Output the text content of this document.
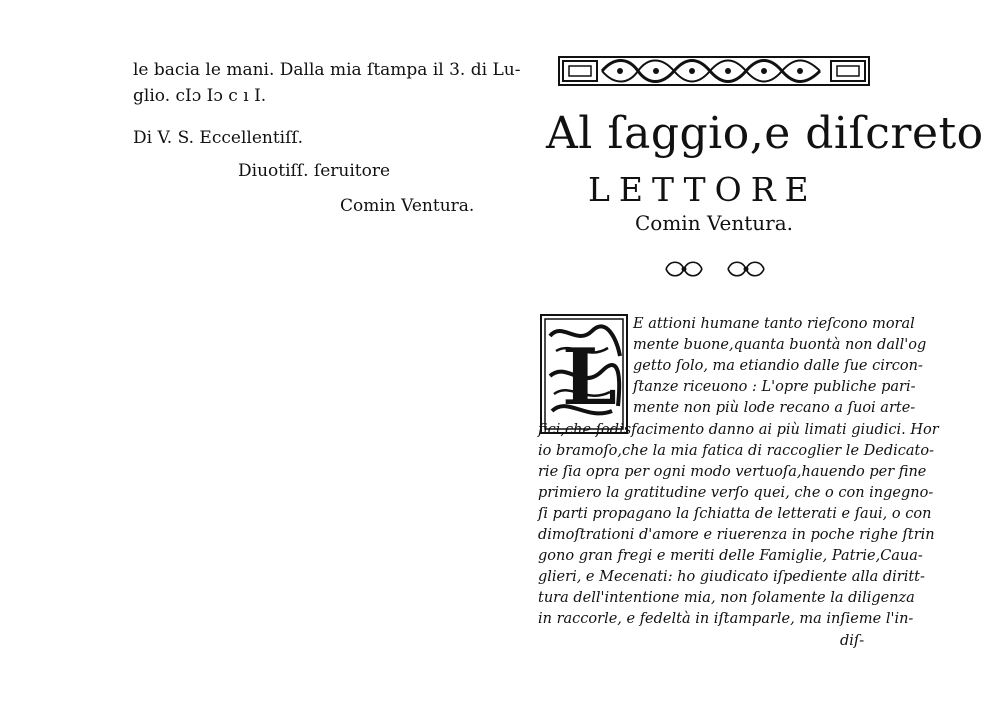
le bacia le mani. Dalla mia ſtampa il 3. di Lu-
glio. cIɔ Iɔ c ı I.
Di V. S. Eccellentiſſ.
Diuotiſſ. ſeruitore
Comin Ventura.
Al ſaggio,e diſcreto
LETTORE
Comin Ventura.
L
E attioni humane tanto rieſcono moral
mente buone,quanta buontà non dall'og
getto ſolo, ma etiandio dalle ſue circon-
ſtanze riceuono : L'opre publiche pari-
mente non più lode recano a ſuoi arte-
fici,che ſodisfacimento danno ai più limati giudici. Hor
io bramoſo,che la mia fatica di raccoglier le Dedicato-
rie ſia opra per ogni modo vertuoſa,hauendo per fine
primiero la gratitudine verſo quei, che o con ingegno-
ſi parti propagano la ſchiatta de letterati e ſaui, o con
dimoſtrationi d'amore e riuerenza in poche righe ſtrin
gono gran fregi e meriti delle Famiglie, Patrie,Caua-
glieri, e Mecenati: ho giudicato iſpediente alla diritt-
tura dell'intentione mia, non ſolamente la diligenza
in raccorle, e fedeltà in iſtamparle, ma inſieme l'in-
diſ-
